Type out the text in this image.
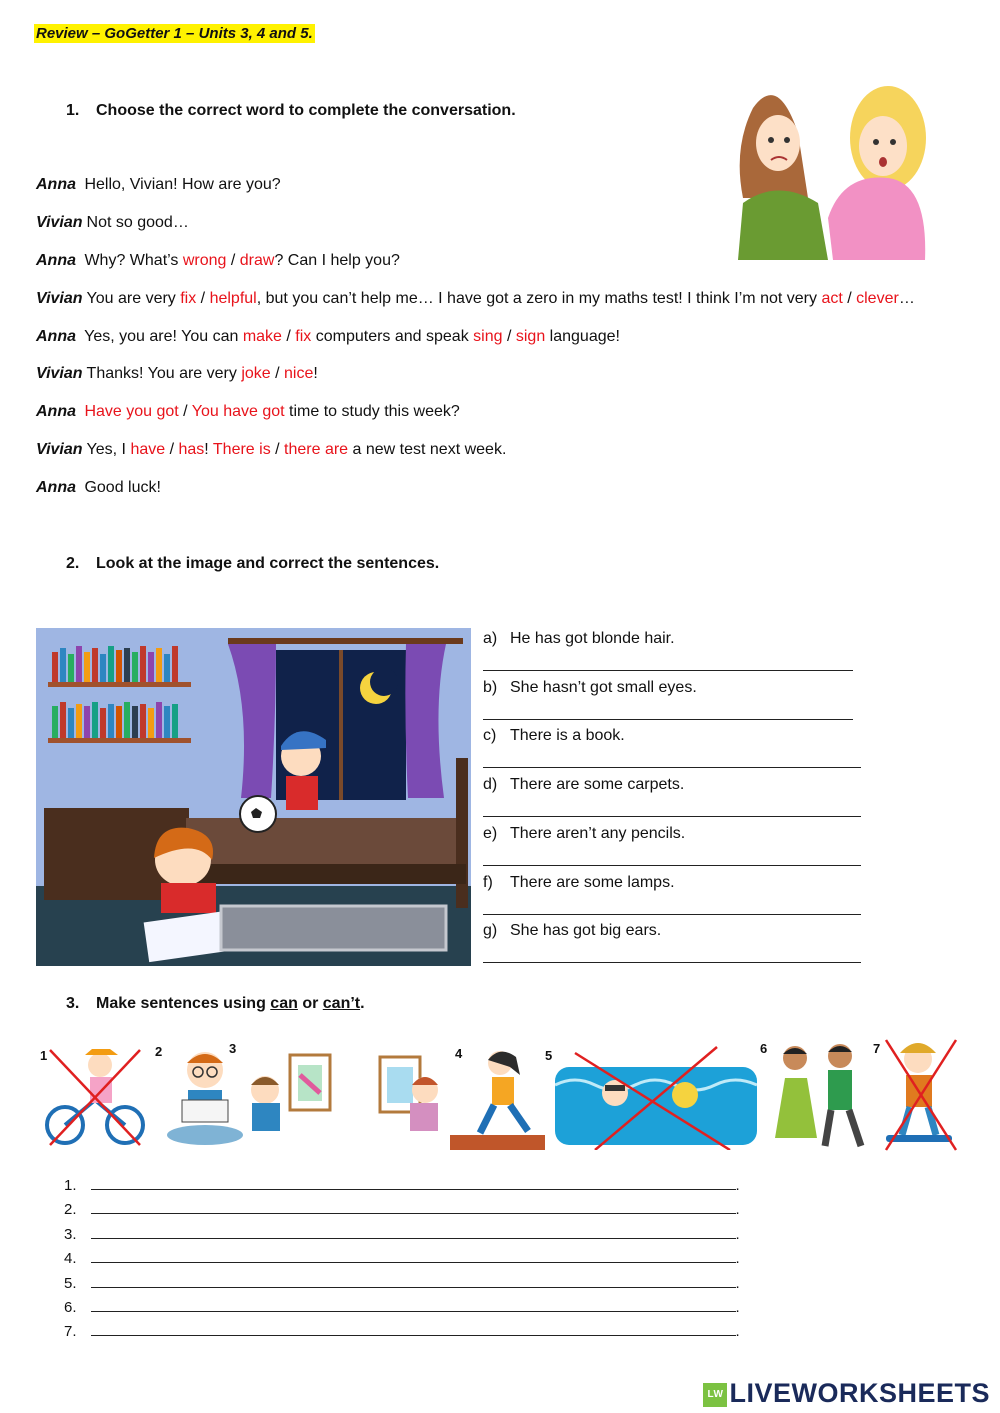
Review – GoGetter 1 – Units 3, 4 and 5.
1. Choose the correct word to complete the conversation.
Anna Hello, Vivian! How are you?
Vivian Not so good…
Anna Why? What’s wrong / draw? Can I help you?
Vivian You are very fix / helpful, but you can’t help me… I have got a zero in my maths test! I think I’m not very act / clever…
Anna Yes, you are! You can make / fix computers and speak sing / sign language!
Vivian Thanks! You are very joke / nice!
Anna Have you got / You have got time to study this week?
Vivian Yes, I have / has! There is / there are a new test next week.
Anna Good luck!
2. Look at the image and correct the sentences.
a) He has got blonde hair.
b) She hasn’t got small eyes.
c) There is a book.
d) There are some carpets.
e) There aren’t any pencils.
f) There are some lamps.
g) She has got big ears.
3. Make sentences using can or can’t.
1	2	3	4	5	6	7
1.	.
2.	.
3.	.
4.	.
5.	.
6.	.
7.	.
LW LIVEWORKSHEETS
